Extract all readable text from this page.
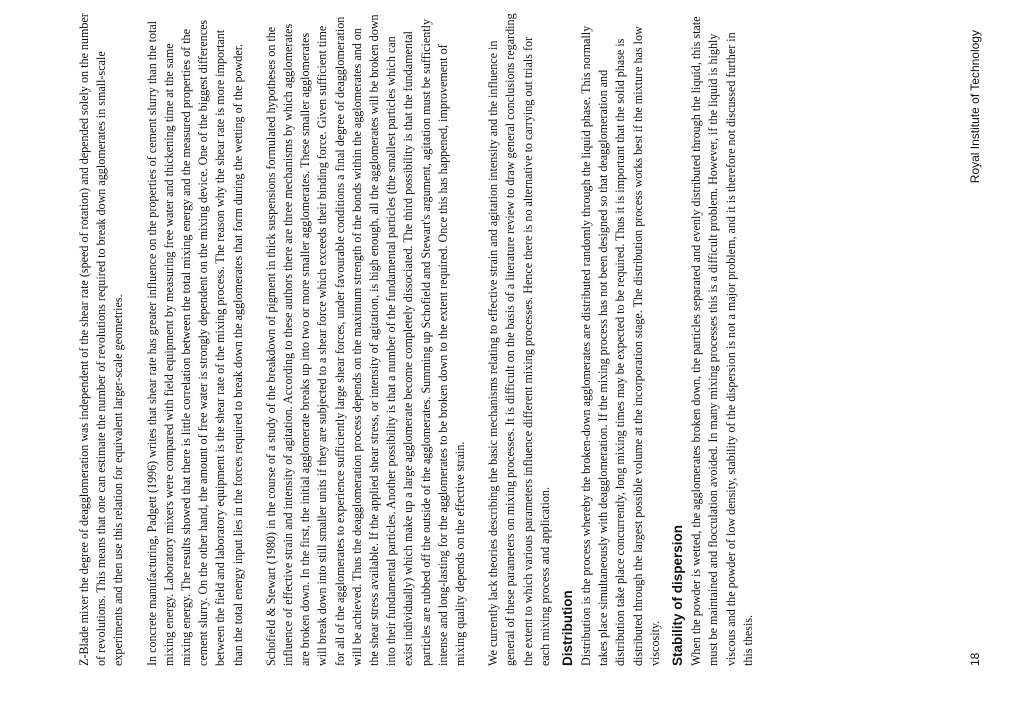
Z-Blade mixer the degree of deagglomeration was independent of the shear rate (speed of rotation) and depended solely on the number of revolutions. This means that one can estimate the number of revolutions required to break down agglomerates in small-scale experiments and then use this relation for equivalent larger-scale geometries. In concrete manufacturing, Padgett (1996) writes that shear rate has greater influence on the properties of cement slurry than the total mixing energy. Laboratory mixers were compared with field equipment by measuring free water and thickening time at the same mixing energy. The results showed that there is little correlation between the total mixing energy and the measured properties of the cement slurry. On the other hand, the amount of free water is strongly dependent on the mixing device. One of the biggest differences between the field and laboratory equipment is the shear rate of the mixing process. The reason why the shear rate is more important than the total energy input lies in the forces required to break down the agglomerates that form during the wetting of the powder. Schofield & Stewart (1980) in the course of a study of the breakdown of pigment in thick suspensions formulated hypotheses on the influence of effective strain and intensity of agitation. According to these authors there are three mechanisms by which agglomerates are broken down. In the first, the initial agglomerate breaks up into two or more smaller agglomerates. These smaller agglomerates will break down into still smaller units if they are subjected to a shear force which exceeds their binding force. Given sufficient time for all of the agglomerates to experience sufficiently large shear forces, under favourable conditions a final degree of deagglomeration will be achieved. Thus the deagglomeration process depends on the maximum strength of the bonds within the agglomerates and on the shear stress available. If the applied shear stress, or intensity of agitation, is high enough, all the agglomerates will be broken down into their fundamental particles. Another possibility is that a number of the fundamental particles (the smallest particles which can exist individually) which make up a large agglomerate become completely dissociated. The third possibility is that the fundamental particles are rubbed off the outside of the agglomerates. Summing up Schofield and Stewart's argument, agitation must be sufficiently intense and long-lasting for the agglomerates to be broken down to the extent required. Once this has happened, improvement of mixing quality depends on the effective strain. We currently lack theories describing the basic mechanisms relating to effective strain and agitation intensity and the influence in general of these parameters on mixing processes. It is difficult on the basis of a literature review to draw general conclusions regarding the extent to which various parameters influence different mixing processes. Hence there is no alternative to carrying out trials for each mixing process and application. Distribution Distribution is the process whereby the broken-down agglomerates are distributed randomly through the liquid phase. This normally takes place simultaneously with deagglomeration. If the mixing process has not been designed so that deagglomeration and distribution take place concurrently, long mixing times may be expected to be required. Thus it is important that the solid phase is distributed through the largest possible volume at the incorporation stage. The distribution process works best if the mixture has low viscosity. Stability of dispersion When the powder is wetted, the agglomerates broken down, the particles separated and evenly distributed through the liquid, this state must be maintained and flocculation avoided. In many mixing processes this is a difficult problem. However, if the liquid is highly viscous and the powder of low density, stability of the dispersion is not a major problem, and it is therefore not discussed further in this thesis.	18
Royal Institute of Technology
